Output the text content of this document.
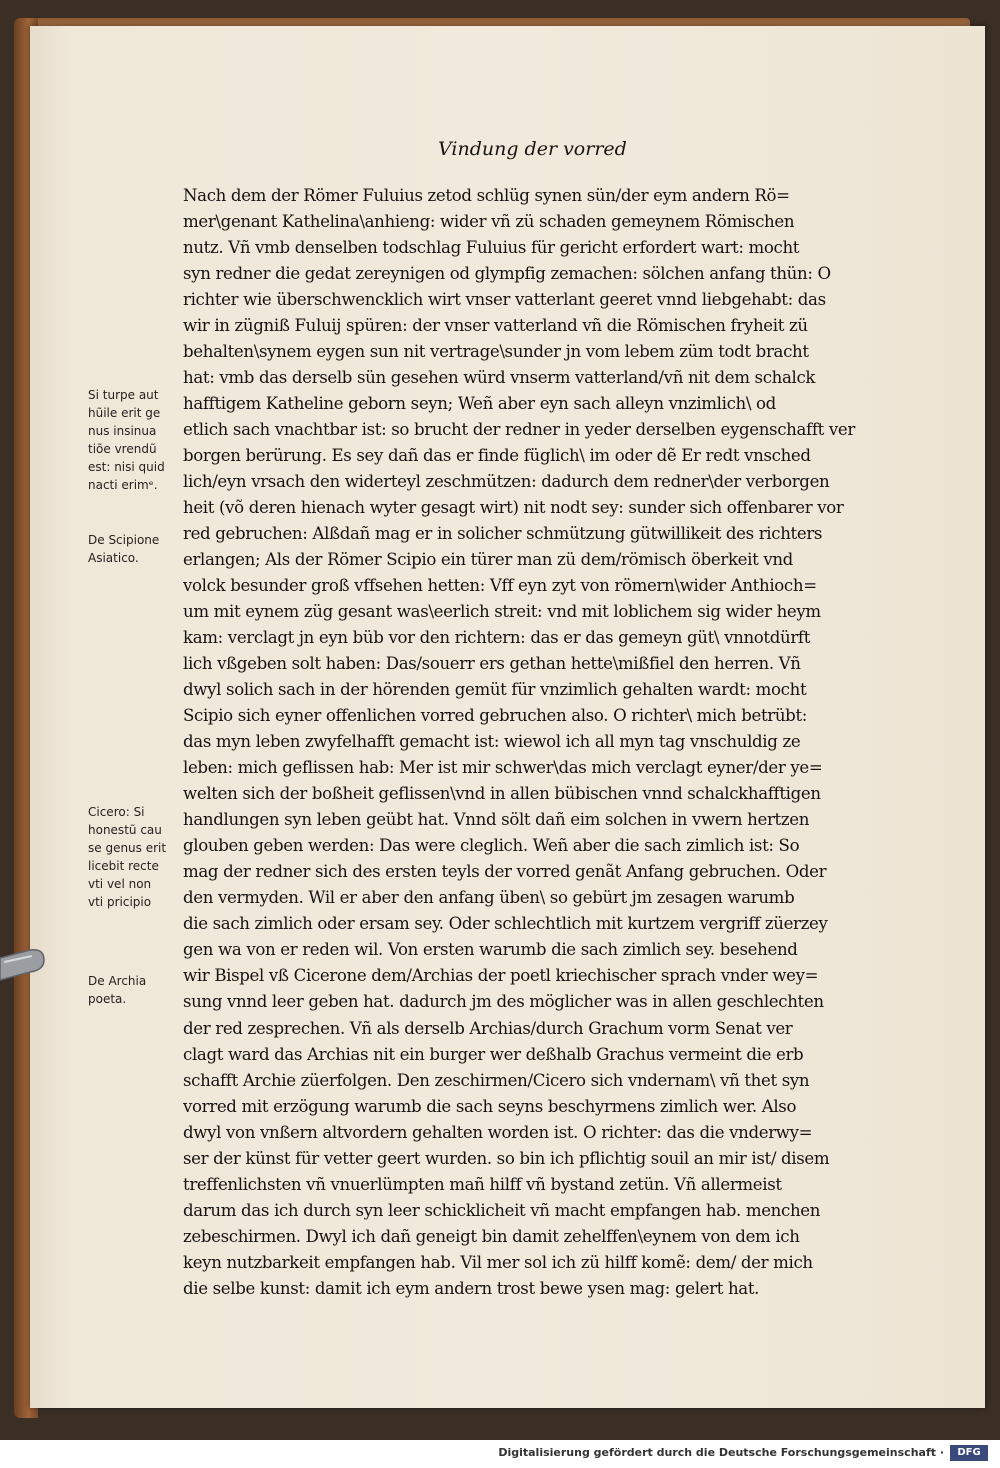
Vindung der vorred
Nach dem der Römer Fuluius zetod schlüg synen sün/der eym andern Rö=
mer\genant Kathelina\anhieng: wider vñ zü schaden gemeynem Römischen
nutz. Vñ vmb denselben todschlag Fuluius für gericht erfordert wart: mocht
syn redner die gedat zereynigen od glympfig zemachen: sölchen anfang thün: O
richter wie überschwencklich wirt vnser vatterlant geeret vnnd liebgehabt: das
wir in zügniß Fuluij spüren: der vnser vatterland vñ die Römischen fryheit zü
behalten\synem eygen sun nit vertrage\sunder jn vom lebem züm todt bracht
hat: vmb das derselb sün gesehen würd vnserm vatterland/vñ nit dem schalck
hafftigem Katheline geborn seyn; Weñ aber eyn sach alleyn vnzimlich\ od
etlich sach vnachtbar ist: so brucht der redner in yeder derselben eygenschafft ver
borgen berürung. Es sey dañ das er finde füglich\ im oder dẽ Er redt vnsched
lich/eyn vrsach den widerteyl zeschmützen: dadurch dem redner\der verborgen
heit (võ deren hienach wyter gesagt wirt) nit nodt sey: sunder sich offenbarer vor
red gebruchen: Alßdañ mag er in solicher schmützung gütwillikeit des richters
erlangen; Als der Römer Scipio ein türer man zü dem/römisch öberkeit vnd
volck besunder groß vffsehen hetten: Vff eyn zyt von römern\wider Anthioch=
um mit eynem züg gesant was\eerlich streit: vnd mit loblichem sig wider heym
kam: verclagt jn eyn büb vor den richtern: das er das gemeyn güt\ vnnotdürft
lich vßgeben solt haben: Das/souerr ers gethan hette\mißfiel den herren. Vñ
dwyl solich sach in der hörenden gemüt für vnzimlich gehalten wardt: mocht
Scipio sich eyner offenlichen vorred gebruchen also. O richter\ mich betrübt:
das myn leben zwyfelhafft gemacht ist: wiewol ich all myn tag vnschuldig ze
leben: mich geflissen hab: Mer ist mir schwer\das mich verclagt eyner/der ye=
welten sich der boßheit geflissen\vnd in allen bübischen vnnd schalckhafftigen
handlungen syn leben geübt hat. Vnnd sölt dañ eim solchen in vwern hertzen
glouben geben werden: Das were cleglich. Weñ aber die sach zimlich ist: So
mag der redner sich des ersten teyls der vorred genãt Anfang gebruchen. Oder
den vermyden. Wil er aber den anfang üben\ so gebürt jm zesagen warumb
die sach zimlich oder ersam sey. Oder schlechtlich mit kurtzem vergriff züerzey
gen wa von er reden wil. Von ersten warumb die sach zimlich sey. besehend
wir Bispel vß Cicerone dem/Archias der poetl kriechischer sprach vnder wey=
sung vnnd leer geben hat. dadurch jm des möglicher was in allen geschlechten
der red zesprechen. Vñ als derselb Archias/durch Grachum vorm Senat ver
clagt ward das Archias nit ein burger wer deßhalb Grachus vermeint die erb
schafft Archie züerfolgen. Den zeschirmen/Cicero sich vndernam\ vñ thet syn
vorred mit erzögung warumb die sach seyns beschyrmens zimlich wer. Also
dwyl von vnßern altvordern gehalten worden ist. O richter: das die vnderwy=
ser der künst für vetter geert wurden. so bin ich pflichtig souil an mir ist/ disem
treffenlichsten vñ vnuerlümpten mañ hilff vñ bystand zetün. Vñ allermeist
darum das ich durch syn leer schicklicheit vñ macht empfangen hab. menchen
zebeschirmen. Dwyl ich dañ geneigt bin damit zehelffen\eynem von dem ich
keyn nutzbarkeit empfangen hab. Vil mer sol ich zü hilff komẽ: dem/ der mich
die selbe kunst: damit ich eym andern trost bewe ysen mag: gelert hat.
Si turpe aut
hũile erit ge
nus insinua
tiõe vrendũ
est: nisi quid
nacti erimᵉ.
De Scipione
Asiatico.
Cicero: Si
honestũ cau
se genus erit
licebit recte
vti vel non
vti pricipio
De Archia
poeta.
Digitalisierung gefördert durch die Deutsche Forschungsgemeinschaft ·	DFG
